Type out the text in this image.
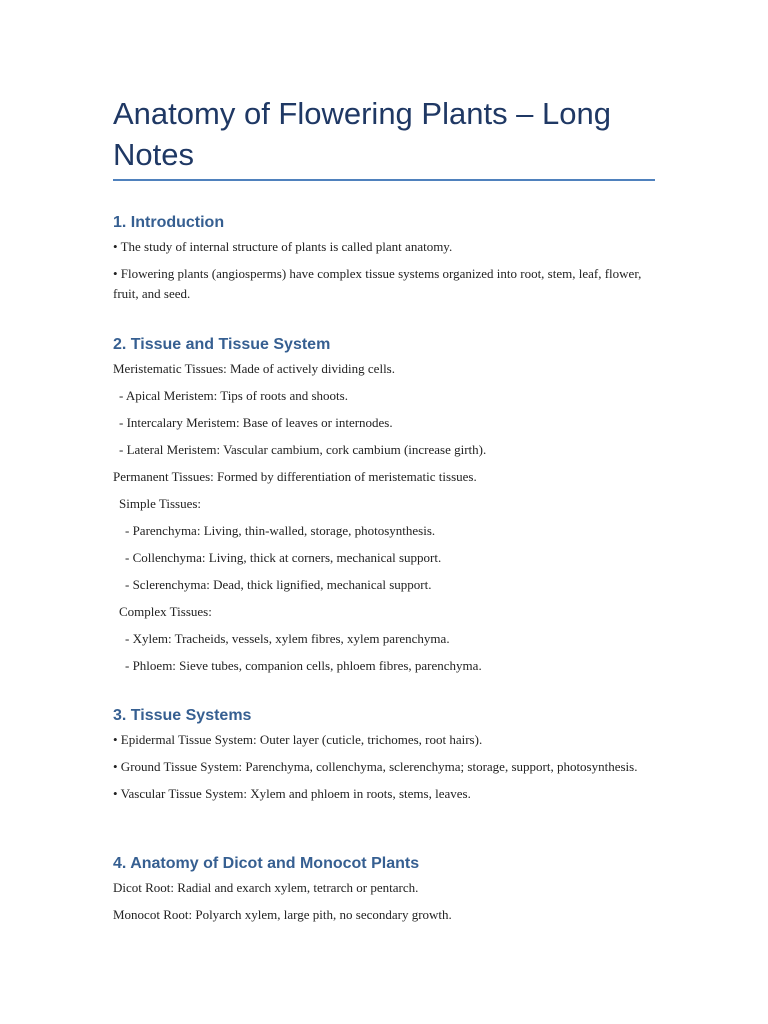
Anatomy of Flowering Plants – Long Notes
1. Introduction

• The study of internal structure of plants is called plant anatomy.

• Flowering plants (angiosperms) have complex tissue systems organized into root, stem, leaf, flower, fruit, and seed.

2. Tissue and Tissue System

Meristematic Tissues: Made of actively dividing cells.

- Apical Meristem: Tips of roots and shoots.

- Intercalary Meristem: Base of leaves or internodes.

- Lateral Meristem: Vascular cambium, cork cambium (increase girth).

Permanent Tissues: Formed by differentiation of meristematic tissues.

Simple Tissues:

- Parenchyma: Living, thin-walled, storage, photosynthesis.

- Collenchyma: Living, thick at corners, mechanical support.

- Sclerenchyma: Dead, thick lignified, mechanical support.

Complex Tissues:

- Xylem: Tracheids, vessels, xylem fibres, xylem parenchyma.

- Phloem: Sieve tubes, companion cells, phloem fibres, parenchyma.

3. Tissue Systems

• Epidermal Tissue System: Outer layer (cuticle, trichomes, root hairs).

• Ground Tissue System: Parenchyma, collenchyma, sclerenchyma; storage, support, photosynthesis.

• Vascular Tissue System: Xylem and phloem in roots, stems, leaves.

4. Anatomy of Dicot and Monocot Plants

Dicot Root: Radial and exarch xylem, tetrarch or pentarch.

Monocot Root: Polyarch xylem, large pith, no secondary growth.
